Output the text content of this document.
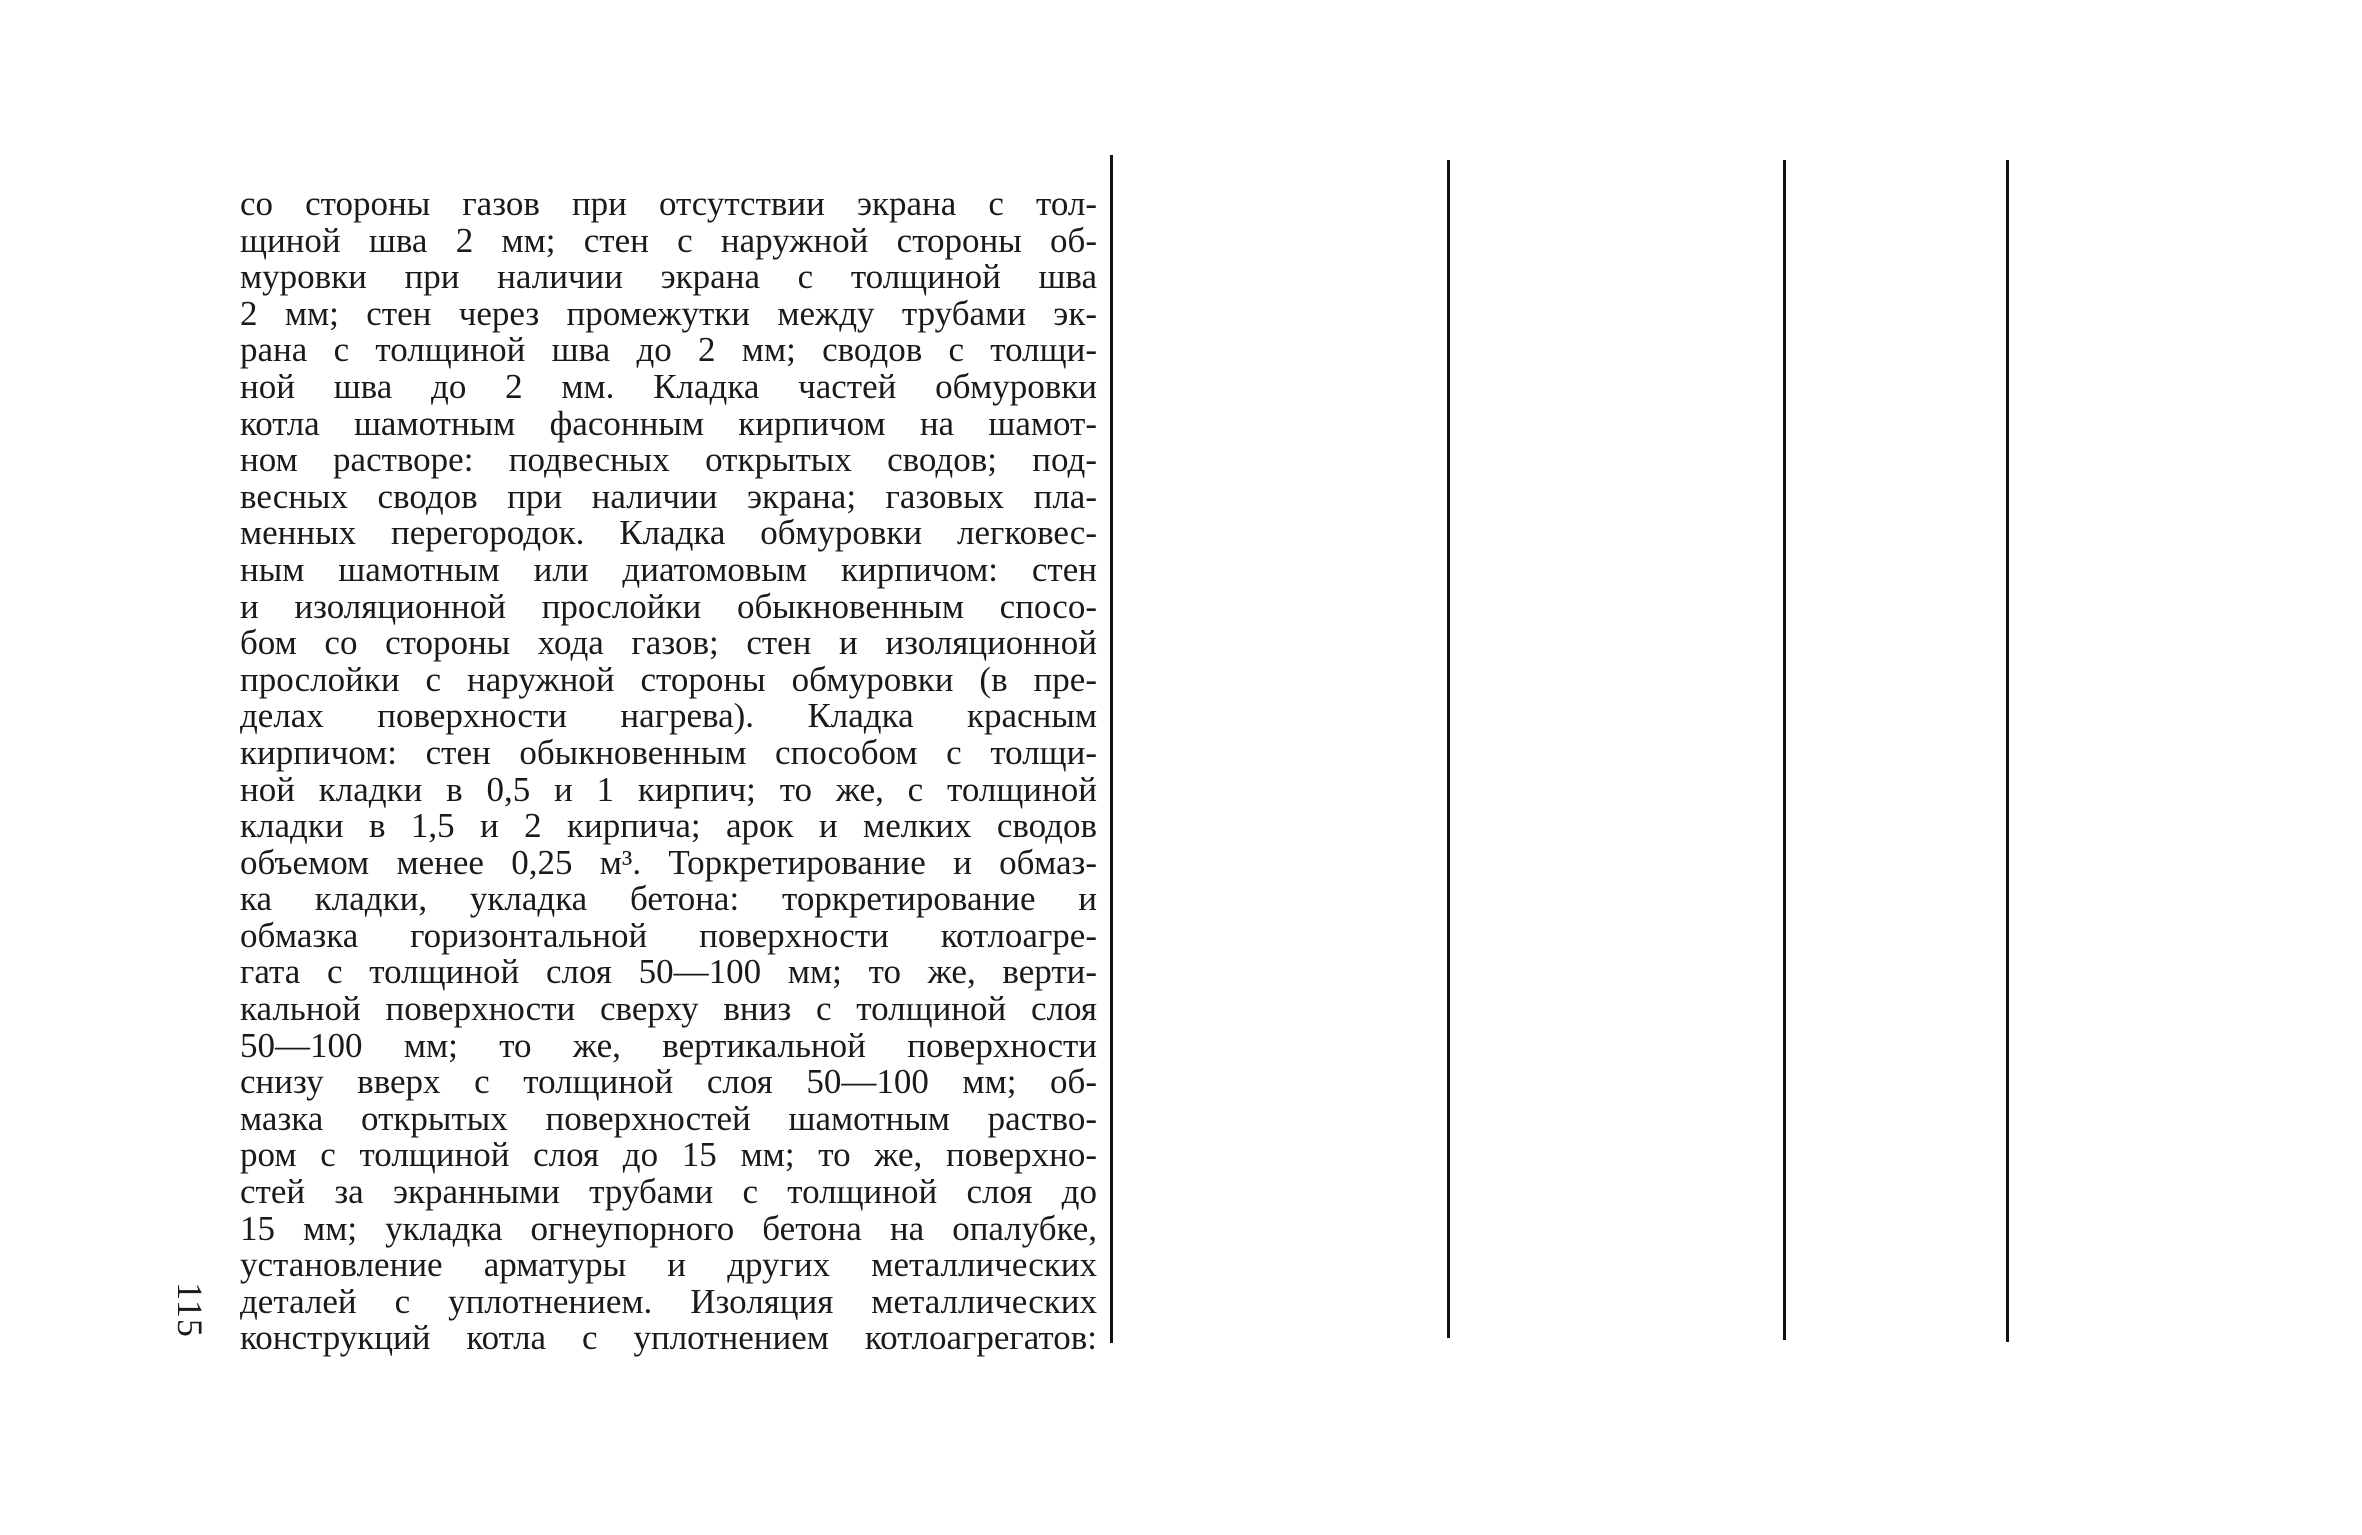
со стороны газов при отсутствии экрана с тол-
щиной шва 2 мм; стен с наружной стороны об-
муровки при наличии экрана с толщиной шва
2 мм; стен через промежутки между трубами эк-
рана с толщиной шва до 2 мм; сводов с толщи-
ной шва до 2 мм. Кладка частей обмуровки
котла шамотным фасонным кирпичом на шамот-
ном растворе: подвесных открытых сводов; под-
весных сводов при наличии экрана; газовых пла-
менных перегородок. Кладка обмуровки легковес-
ным шамотным или диатомовым кирпичом: стен
и изоляционной прослойки обыкновенным спосо-
бом со стороны хода газов; стен и изоляционной
прослойки с наружной стороны обмуровки (в пре-
делах поверхности нагрева). Кладка красным
кирпичом: стен обыкновенным способом с толщи-
ной кладки в 0,5 и 1 кирпич; то же, с толщиной
кладки в 1,5 и 2 кирпича; арок и мелких сводов
объемом менее 0,25 м³. Торкретирование и обмаз-
ка кладки, укладка бетона: торкретирование и
обмазка горизонтальной поверхности котлоагре-
гата с толщиной слоя 50—100 мм; то же, верти-
кальной поверхности сверху вниз с толщиной слоя
50—100 мм; то же, вертикальной поверхности
снизу вверх с толщиной слоя 50—100 мм; об-
мазка открытых поверхностей шамотным раство-
ром с толщиной слоя до 15 мм; то же, поверхно-
стей за экранными трубами с толщиной слоя до
15 мм; укладка огнеупорного бетона на опалубке,
установление арматуры и других металлических
деталей с уплотнением. Изоляция металлических
конструкций котла с уплотнением котлоагрегатов:
115
